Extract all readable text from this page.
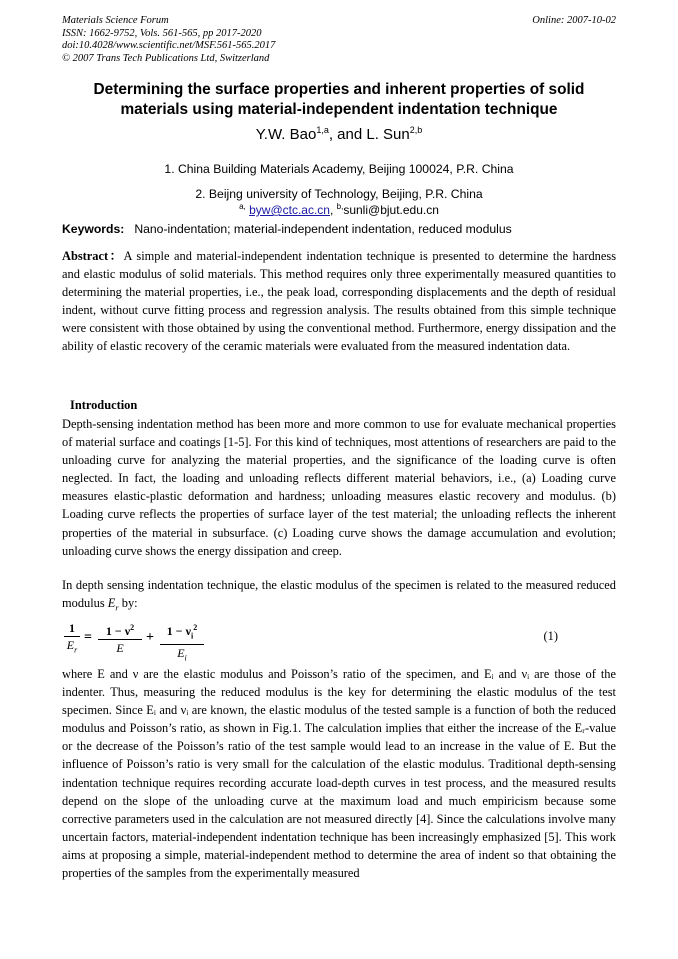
Materials Science Forum
ISSN: 1662-9752, Vols. 561-565, pp 2017-2020
doi:10.4028/www.scientific.net/MSF.561-565.2017
© 2007 Trans Tech Publications Ltd, Switzerland
Online: 2007-10-02
Determining the surface properties and inherent properties of solid
materials using material-independent indentation technique
Y.W. Bao$^{1,a}$, and L. Sun$^{2,b}$
1. China Building Materials Academy, Beijing 100024, P.R. China
2. Beijng university of Technology, Beijing, P.R. China
$^{a,}$ byw@ctc.ac.cn, $^{b,}$sunli@bjut.edu.cn
Keywords: Nano-indentation; material-independent indentation, reduced modulus
Abstract：A simple and material-independent indentation technique is presented to determine the hardness and elastic modulus of solid materials. This method requires only three experimentally measured quantities to determining the material properties, i.e., the peak load, corresponding displacements and the depth of residual indent, without curve fitting process and regression analysis. The results obtained from this simple technique were consistent with those obtained by using the conventional method. Furthermore, energy dissipation and the ability of elastic recovery of the ceramic materials were evaluated from the measured indentation data.
Introduction
Depth-sensing indentation method has been more and more common to use for evaluate mechanical properties of material surface and coatings [1-5]. For this kind of techniques, most attentions of researchers are paid to the unloading curve for analyzing the material properties, and the significance of the loading curve is often neglected. In fact, the loading and unloading reflects different material behaviors, i.e., (a) Loading curve measures elastic-plastic deformation and hardness; unloading measures elastic recovery and modulus. (b) Loading curve reflects the properties of surface layer of the test material; the unloading reflects the inherent properties of the material in subsurface. (c) Loading curve shows the damage accumulation and evolution; unloading curve shows the energy dissipation and creep.
In depth sensing indentation technique, the elastic modulus of the specimen is related to the measured reduced modulus $E_r$ by:
$\frac{1}{E_r} = \frac{1 - \nu^2}{E} + \frac{1 - \nu_i^2}{E_i}$	(1)
where E and ν are the elastic modulus and Poisson’s ratio of the specimen, and Eᵢ and νᵢ are those of the indenter. Thus, measuring the reduced modulus is the key for determining the elastic modulus of the test specimen. Since Eᵢ and νᵢ are known, the elastic modulus of the tested sample is a function of both the reduced modulus and Poisson’s ratio, as shown in Fig.1. The calculation implies that either the increase of the Eᵣ-value or the decrease of the Poisson’s ratio of the test sample would lead to an increase in the value of E. But the influence of Poisson’s ratio is very small for the calculation of the elastic modulus. Traditional depth-sensing indentation technique requires recording accurate load-depth curves in test process, and the measured results depend on the slope of the unloading curve at the maximum load and much empiricism because some corrective parameters used in the calculation are not measured directly [4]. Since the calculations involve many uncertain factors, material-independent indentation technique has been increasingly emphasized [5]. This work aims at proposing a simple, material-independent method to determine the area of indent so that obtaining the properties of the samples from the experimentally measured
